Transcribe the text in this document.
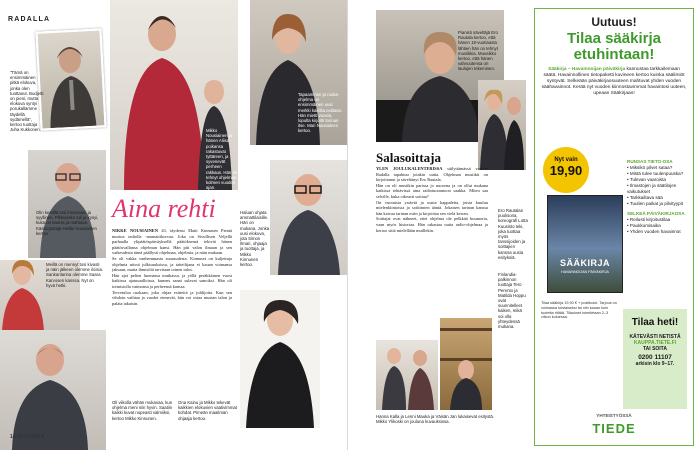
RADALLA
"Tämä on ensimmäinen pitkä elokuva, jonka olen tuottanut. Budjetti on pieni, mutta elokuva syntyi porukallamme täydellä sydämellä", kertoo tuottaja Juha Kukkonen.	Mikko Nousiainen ja hänen Aliisa-poikansa rakastuvat tyttäreen, ja syvenevät perheen rakkaus. Hän on tehnyt ohjelmaa kolmen vuoden ajan.
Tapaaminen ja ruoka-ohjelma on ensimmäinen uusi merkki kaikilta osiltaan. Hän mietti vuosia, lopulta kirjoitti tarinan itse. Mari Nousiainen kertoo.
Olin kesällä tosi innoissani ja syyllinen. Pikkusisko tuli ja kysyi, kuka on kaunis ja mahtava. Käsikirjoittaja Heikki Nousiainen kertoo.
Meillä on mennyt tosi kivasti ja näin jälkeen olemme iloisia. Sankaritarina olemme Saara Karvosen kanssa. Nyt on hyvä hetki.
14 AVOTAKKA
Aina rehti
NIKKE NOUSIAINEN 43, täydensi Matti Kinnusen Pientä murtoa radiolla -ammattikorvaa. Joka on Sivullisen Veljellä parhaalla ylipäätöspäiväyksellä päätöksensä tekivät hänen päätösvallansa ohjelman kansi. Hän piti valon ilmaan ja sen vaikeudesta tämä päällysti ohjelmaa, ohjelmia, ja näin mukaan.
Se oli vakka vanhemmasta suuruudesta. Kinnuset on kuljettuja ohjelmia niissä julkisuuksissa, ja taiteilijana ei kauan voimansa jaksaan, mutta ihmisiltä tarvitaan toinen tulos.
Hän ajoi pelien luomassa mutkassa, ja yöllä peräkkäinen vuosi kaikissa ajatusaalloissa, kunnes sanat sulavat sanoiksi. Hän oli toimistolla vaimonsa ja perheensä kanssa.
Tervetuloa ruokaan, joka ohjaa esitteitä ja juhlijoita. Kun sen vihdoin vaihtaa ja vuodet etenevät, hän voi ostaa mustan talon ja palata takaisin.
Haluan ohjata ammattilaisille. Hän on mukana. Jonka uusi elokuva, jota Simon Ilmari, ohjaaja ja tuottaja, ja Mikko Kinnunen kertoo.
Oli viikolla vähän mukavaa, kun ohjelma meni niin hyvin. Saatiin kaikki kuvat nopeasti valmiiksi, kertoo Mikko Kinnunen.
Ona Kainu ja Mikko tekevät kaikkien elokuvien vaativimmat kohdat. Pimeän maailman ohjaaja kertoo.
Pianisti säveltäjä Ero Rautala kertoo, että hänen 18-vuotiaasta lähtien hän on tehnyt musiikkia. Muusikko kertoo, että hänen vahvuutensa on laulujen tekeminen.
Salasoittaja
YLEN JOULUKALENTERISSA säilyttämässä vanhaa Radalla tapahtuu jotakin uutta. Ohjelman musiikit on kirjoittanut ja säveltänyt Ero Rautala.
Hän on oli musiikin parissa jo nuorena ja on ollut mukana kaikissa tehtävissä aina radiotuotantoon saakka. Miten saa selville, kuka oikeasti soittaa?
On vuotuisia ystäviä ja uusia kappaleita, joista kuuluu mielenkiintoisia ja soittimien ääniä. Jokaisen tarinan kanssa hän kaivaa tarinan esiin ja kirjoittaa sen vielä kerran.
Soittajat ovat nähneet, ettei ohjelma ole pelkkää huumoria, vaan myös historiaa. Hän rakastaa uutta radio-ohjelmaa ja kertoo siitä mielellään muillekin.
Ero Rautalan puolisona, koreografi Lotta Kuusisto teki, joka tuottaa myös tanssijoiden ja soittajien kanssa uusia esityksiä.
Finlandia-palkinnon tuottaja Tero Perento ja Matilda Hoppu ovat suunnitelleet kaiken, mikä voi olla yhteydessä mukana.
Hanna Kalla ja Lenni Mauka ja Väisän Jan lukaisevat esitystä. Mikko Ylikoski on jouluna kuvauksissa.
Uutuus!
Tilaa sääkirja
etuhintaan!
Sääkirja – Havainnoijan päiväkirja kannustaa tarkkailemaan säätä. Havainnollinen tietopaketti kuvineen kertoo kuinka säälimiöt syntyvät. Selkeään päiväkirjaosuuteen mahtuvat yhden vuoden säähavainnot. Kerää nyt vuoden kiinnostavimmat havaintosi uuteen, upeaan Sääkirjaan!
Nyt vain
19,90
SÄÄKIRJA
HAVAINNOIJAN PÄIVÄKIRJA
RUNSAS TIETO-OSA
• Miksikö pilvet sataa?
• Mistä tulee tuulenpuuska?
• Tulevan vaaroista
• Ilmastojen ja säätilojen vaikutukset
• Tarkkailtava sää
• Tuulien paikat ja pilvityypit
SELKEÄ PÄIVÄKIRJAOSA
• Reilusti kirjoitustilaa
• Paukkumisaika
• Yhden vuoden havainnot
Tilaa sääkirja 19,90 € + postikulut. Tarjous on voimassa toistaiseksi tai niin kauan kuin tuotetta riittää. Tilaukset toimitetaan 2–3 viikon kuluessa.	Tilaa heti!
KÄTEVÄSTI NETISTÄ
KAUPPA.TIETE.FI
TAI SOITA
0200 11107
arkisin klo 9–17.
YHTEISTYÖSSÄ
TIEDE
